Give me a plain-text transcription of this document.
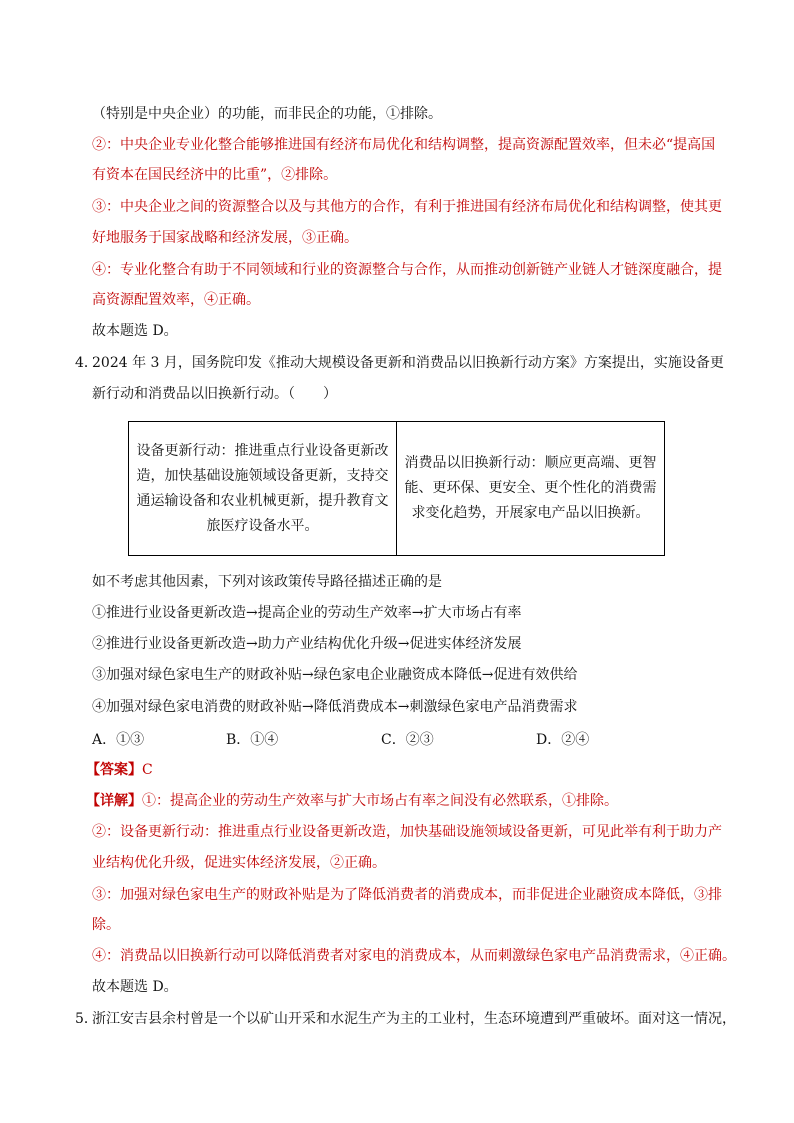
（特别是中央企业）的功能，而非民企的功能，①排除。
②：中央企业专业化整合能够推进国有经济布局优化和结构调整，提高资源配置效率，但未必“提高国
有资本在国民经济中的比重”，②排除。
③：中央企业之间的资源整合以及与其他方的合作，有利于推进国有经济布局优化和结构调整，使其更
好地服务于国家战略和经济发展，③正确。
④：专业化整合有助于不同领域和行业的资源整合与合作，从而推动创新链产业链人才链深度融合，提
高资源配置效率，④正确。
故本题选 D。
4．
2024 年 3 月，国务院印发《推动大规模设备更新和消费品以旧换新行动方案》方案提出，实施设备更
新行动和消费品以旧换新行动。（　　）
设备更新行动：推进重点行业设备更新改
造，加快基础设施领域设备更新，支持交
通运输设备和农业机械更新，提升教育文
旅医疗设备水平。

消费品以旧换新行动：顺应更高端、更智
能、更环保、更安全、更个性化的消费需
求变化趋势，开展家电产品以旧换新。
如不考虑其他因素，下列对该政策传导路径描述正确的是
①推进行业设备更新改造→提高企业的劳动生产效率→扩大市场占有率
②推进行业设备更新改造→助力产业结构优化升级→促进实体经济发展
③加强对绿色家电生产的财政补贴→绿色家电企业融资成本降低→促进有效供给
④加强对绿色家电消费的财政补贴→降低消费成本→刺激绿色家电产品消费需求
A．①③	B．①④	C．②③	D．②④
【答案】C
【详解】①：提高企业的劳动生产效率与扩大市场占有率之间没有必然联系，①排除。
②：设备更新行动：推进重点行业设备更新改造，加快基础设施领域设备更新，可见此举有利于助力产
业结构优化升级，促进实体经济发展，②正确。
③：加强对绿色家电生产的财政补贴是为了降低消费者的消费成本，而非促进企业融资成本降低，③排
除。
④：消费品以旧换新行动可以降低消费者对家电的消费成本，从而刺激绿色家电产品消费需求，④正确。
故本题选 D。
5．
浙江安吉县余村曾是一个以矿山开采和水泥生产为主的工业村，生态环境遭到严重破坏。面对这一情况，
